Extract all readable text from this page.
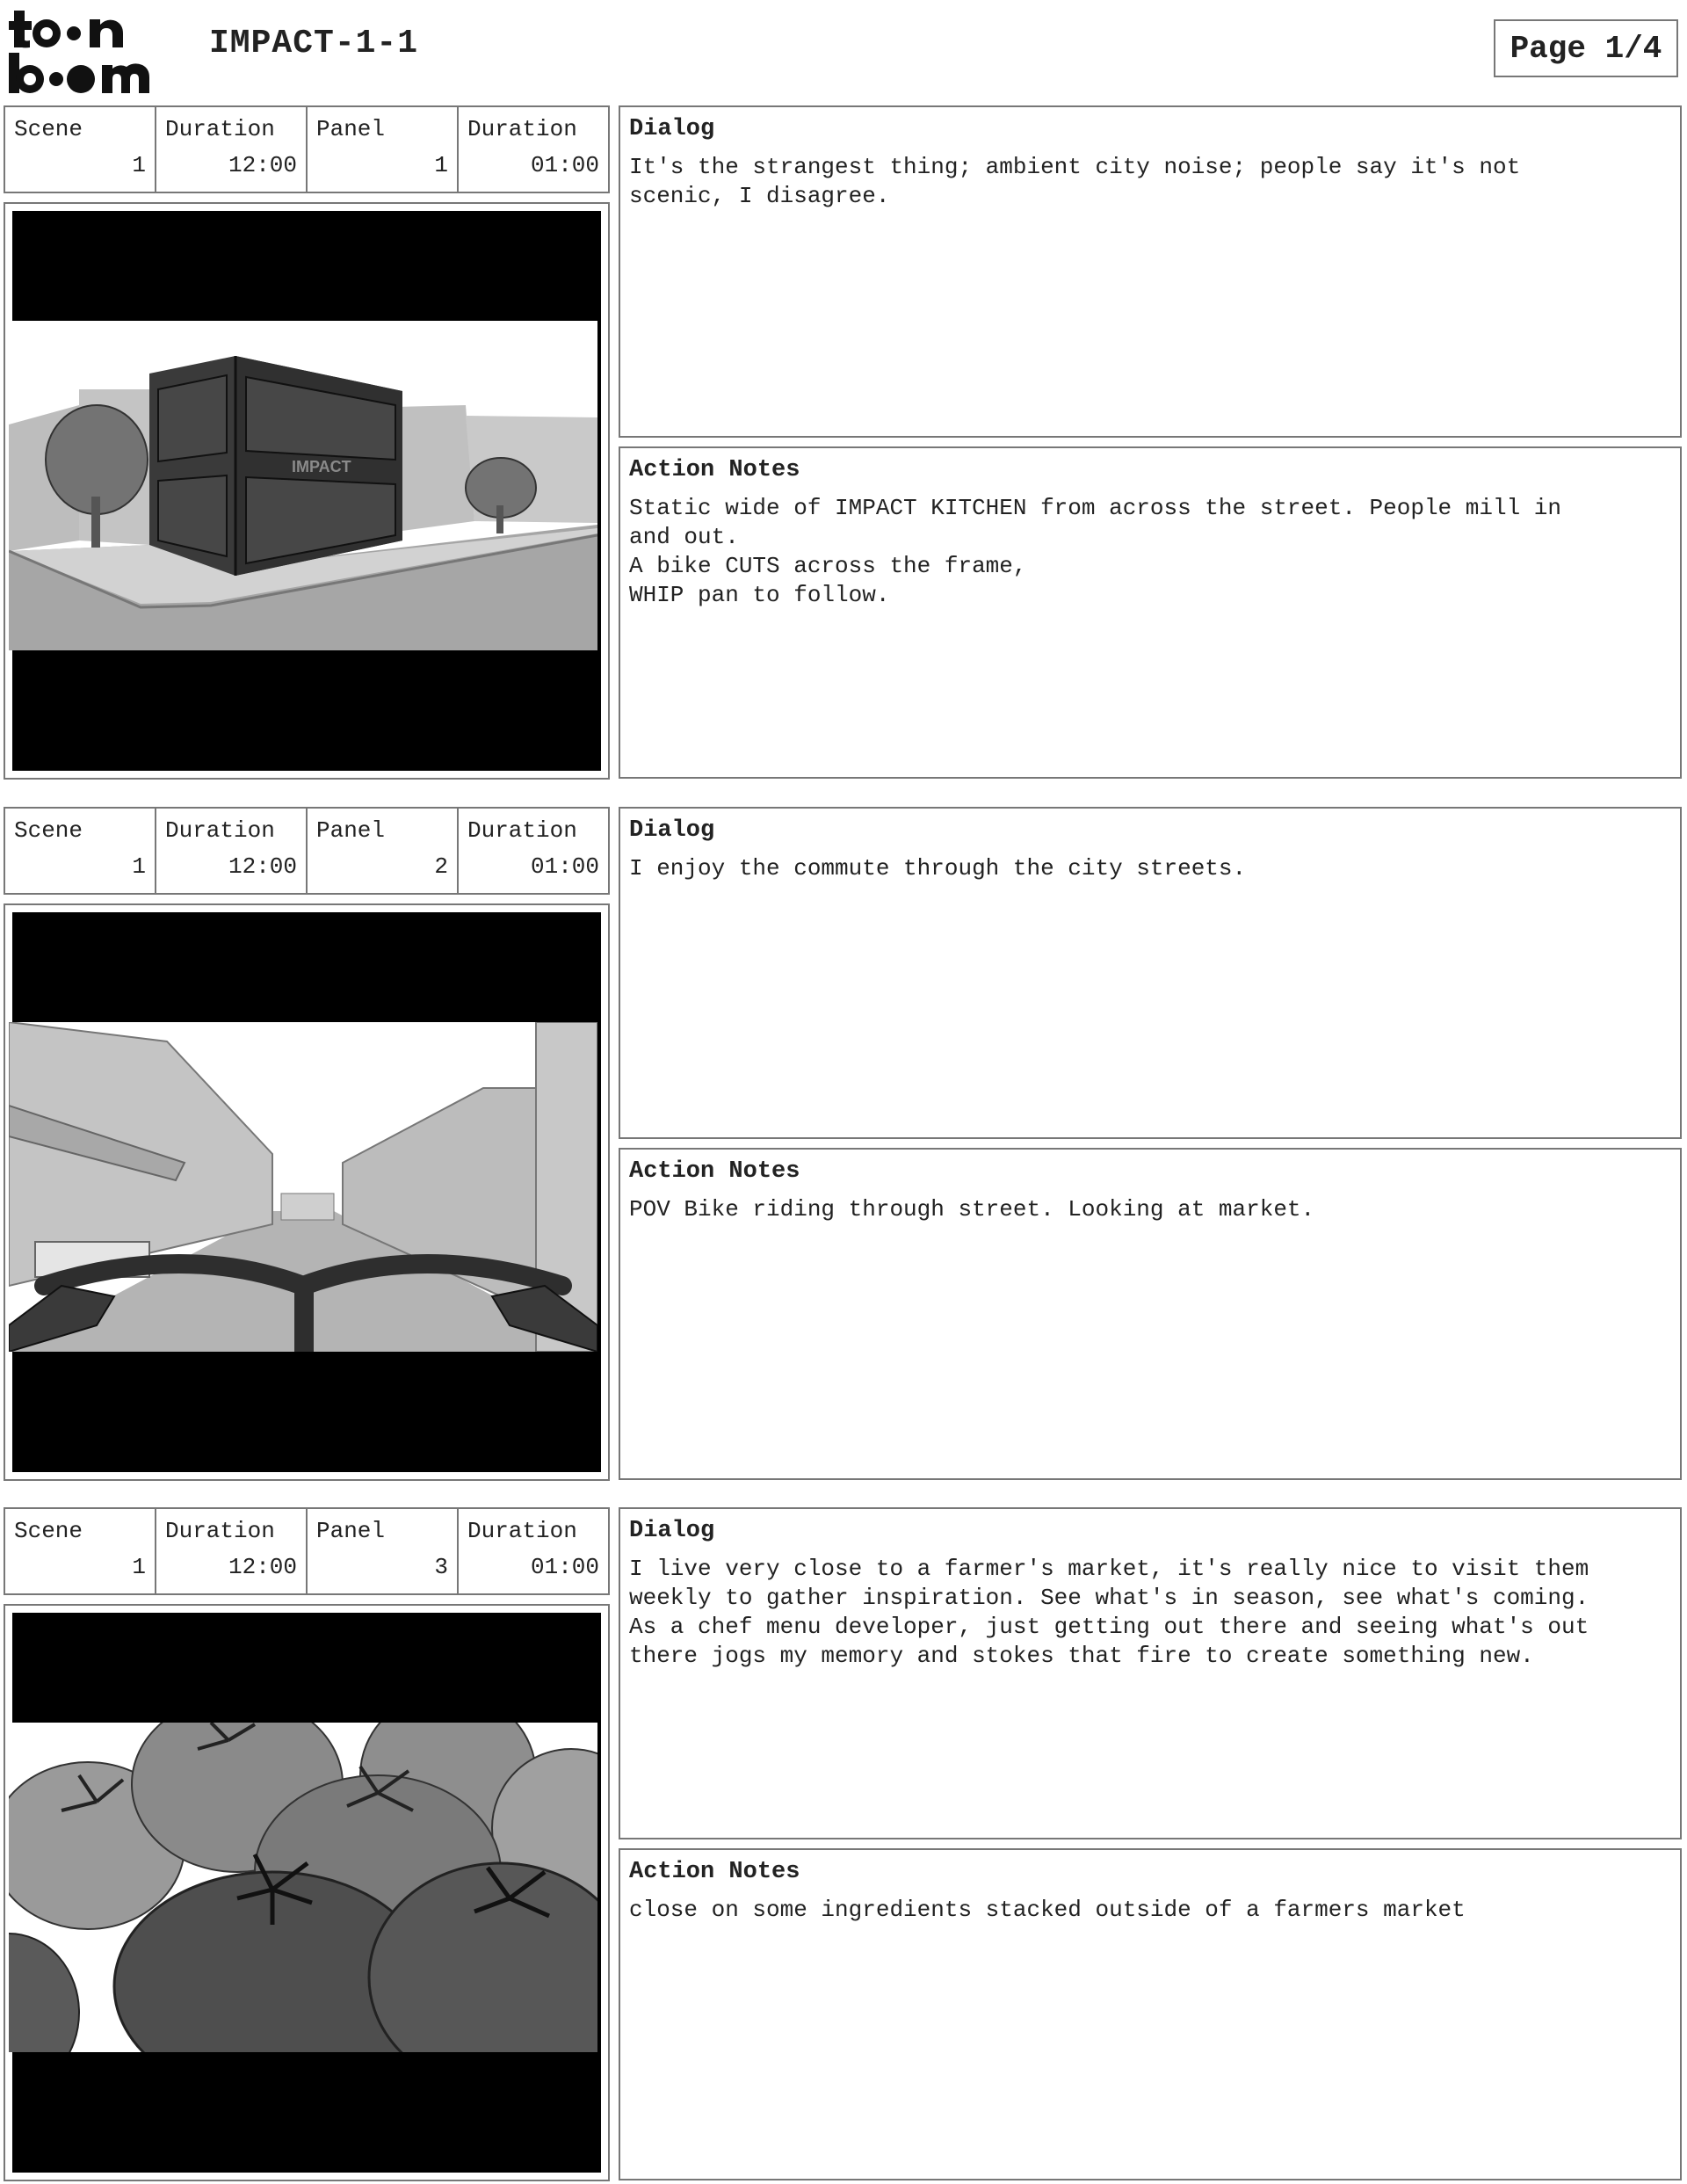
IMPACT-1-1	Page 1/4
Scene
1
Duration
12:00
Panel
1
Duration
01:00
IMPACT
Dialog
It's the strangest thing; ambient city noise; people say it's not
scenic, I disagree.
Action Notes
Static wide of IMPACT KITCHEN from across the street. People mill in
and out.
A bike CUTS across the frame,
WHIP pan to follow.
Scene
1
Duration
12:00
Panel
2
Duration
01:00
Dialog
I enjoy the commute through the city streets.
Action Notes
POV Bike riding through street. Looking at market.
Scene
1
Duration
12:00
Panel
3
Duration
01:00
Dialog
I live very close to a farmer's market, it's really nice to visit them
weekly to gather inspiration. See what's in season, see what's coming.
As a chef menu developer, just getting out there and seeing what's out
there jogs my memory and stokes that fire to create something new.
Action Notes
close on some ingredients stacked outside of a farmers market
